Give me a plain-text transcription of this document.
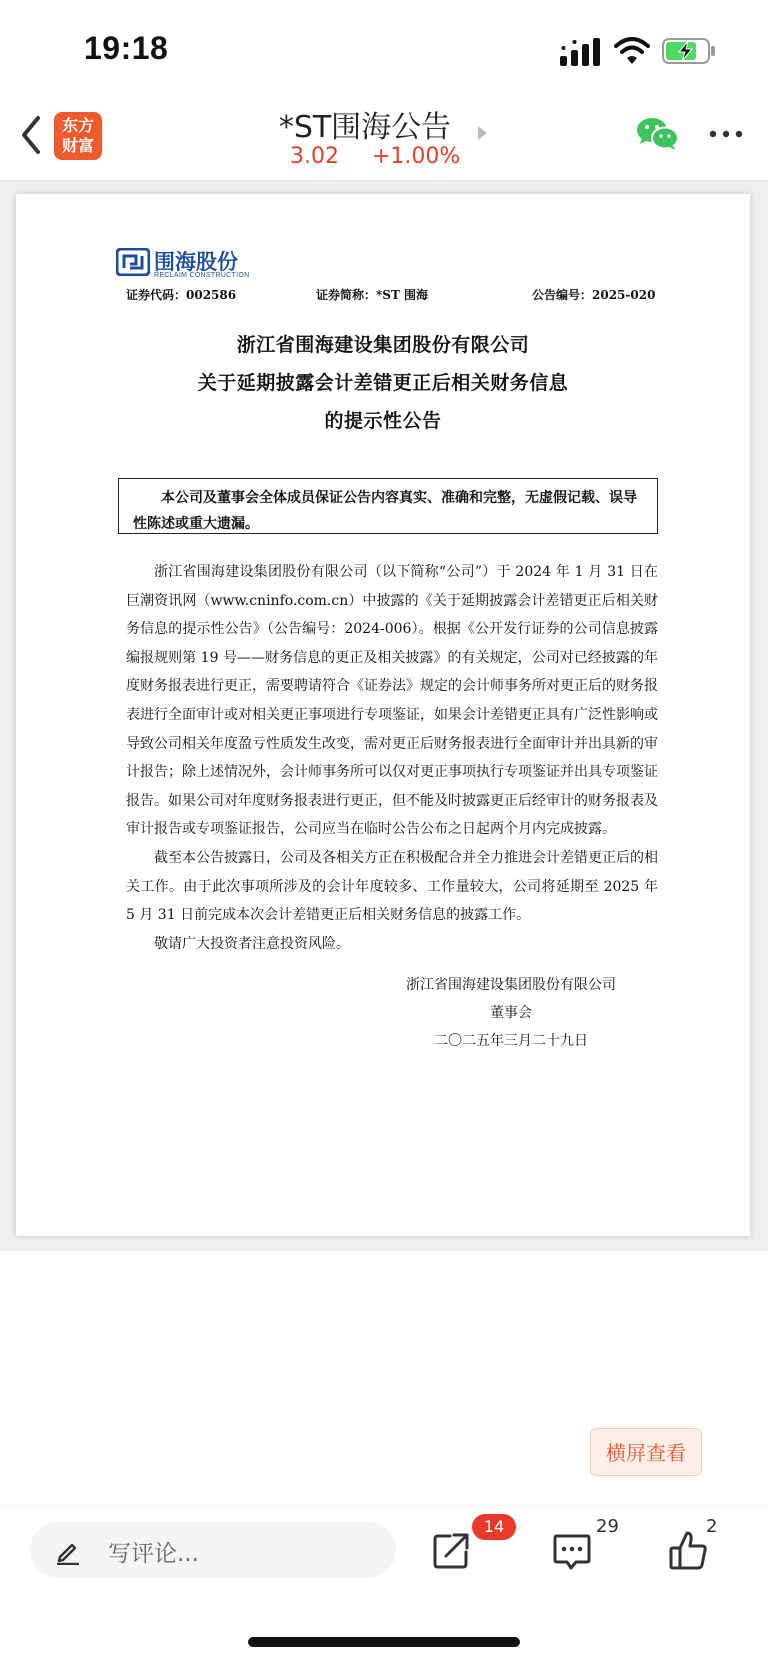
19:18
东方
财富
*ST围海公告
3.02 +1.00%
围海股份
RECLAIM CONSTRUCTION
证券代码：002586	证券简称：*ST 围海	公告编号：2025-020
浙江省围海建设集团股份有限公司
关于延期披露会计差错更正后相关财务信息
的提示性公告
本公司及董事会全体成员保证公告内容真实、准确和完整，无虚假记载、误导性陈述或重大遗漏。

浙江省围海建设集团股份有限公司（以下简称“公司”）于 2024 年 1 月 31 日在巨潮资讯网（www.cninfo.com.cn）中披露的《关于延期披露会计差错更正后相关财务信息的提示性公告》（公告编号：2024-006）。根据《公开发行证券的公司信息披露编报规则第 19 号——财务信息的更正及相关披露》的有关规定，公司对已经披露的年度财务报表进行更正，需要聘请符合《证券法》规定的会计师事务所对更正后的财务报表进行全面审计或对相关更正事项进行专项鉴证，如果会计差错更正具有广泛性影响或导致公司相关年度盈亏性质发生改变，需对更正后财务报表进行全面审计并出具新的审计报告；除上述情况外，会计师事务所可以仅对更正事项执行专项鉴证并出具专项鉴证报告。如果公司对年度财务报表进行更正，但不能及时披露更正后经审计的财务报表及审计报告或专项鉴证报告，公司应当在临时公告公布之日起两个月内完成披露。

截至本公告披露日，公司及各相关方正在积极配合并全力推进会计差错更正后的相关工作。由于此次事项所涉及的会计年度较多、工作量较大，公司将延期至 2025 年 5 月 31 日前完成本次会计差错更正后相关财务信息的披露工作。

敬请广大投资者注意投资风险。

浙江省围海建设集团股份有限公司
董事会
二〇二五年三月二十九日
横屏查看
写评论...
14	29	2
